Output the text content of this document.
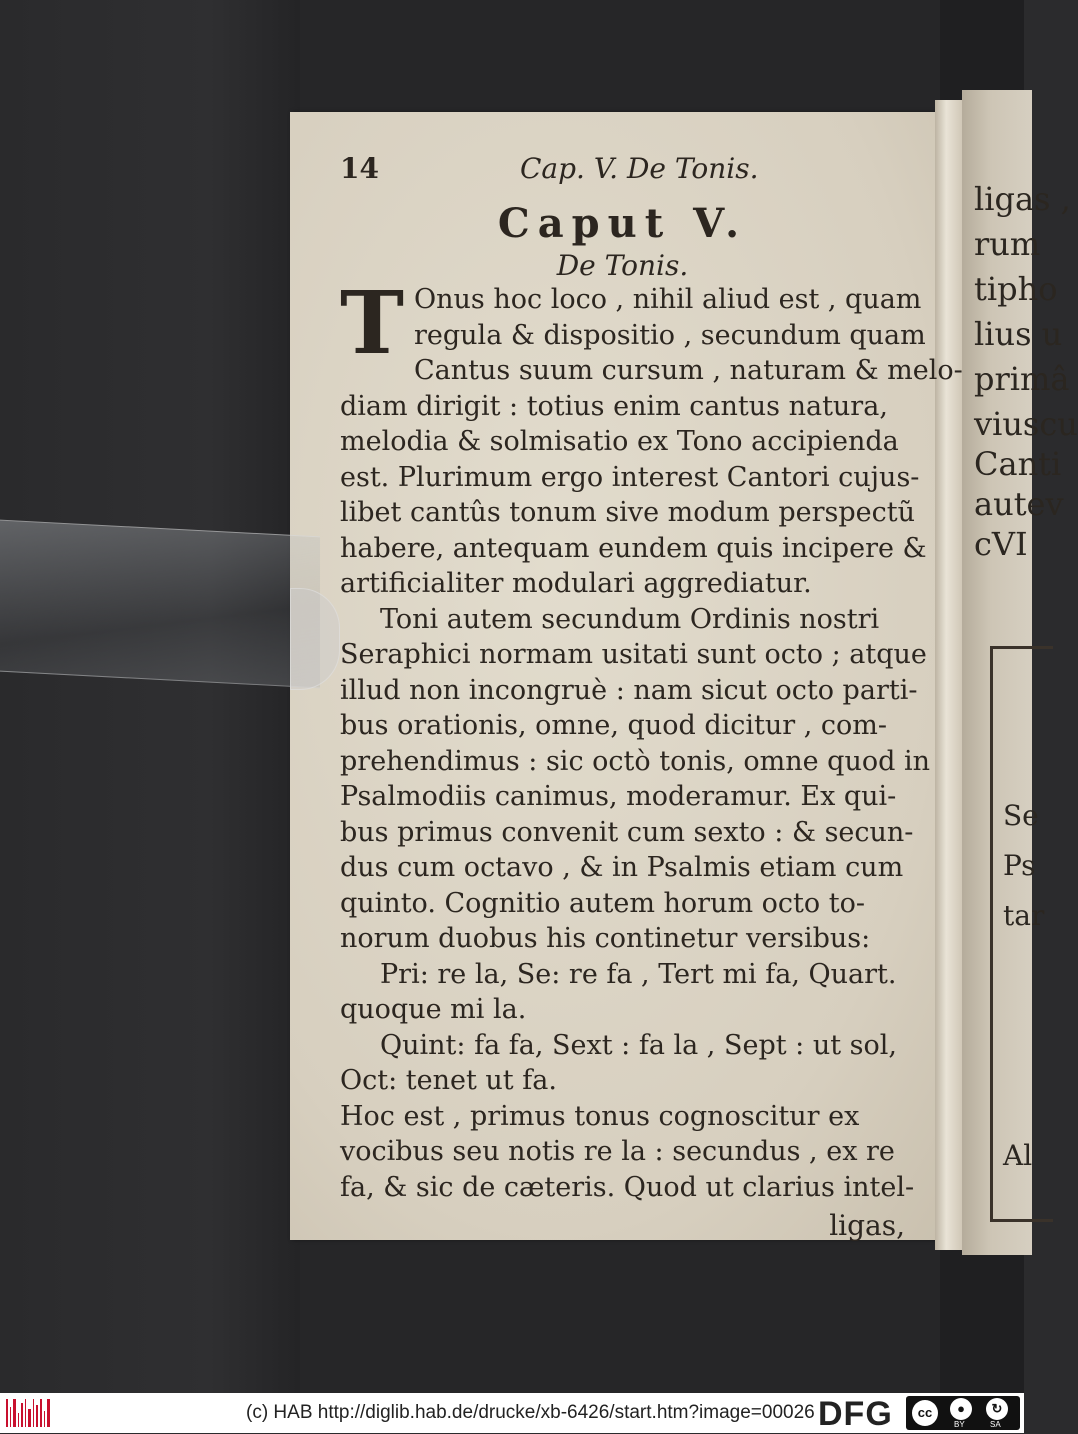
ligas ,
rum
tipho
lius u
primâ
viuscu
Canti
autev
cVI
Se
Ps
tar
Al
14	Cap. V. De Tonis.
Caput V.
De Tonis.
T Onus hoc loco , nihil aliud est , quam
regula & dispositio , secundum quam
Cantus suum cursum , naturam & melo-
diam dirigit : totius enim cantus natura,
melodia & solmisatio ex Tono accipienda
est. Plurimum ergo interest Cantori cujus-
libet cantûs tonum sive modum perspectũ
habere, antequam eundem quis incipere &
artificialiter modulari aggrediatur.
Toni autem secundum Ordinis nostri
Seraphici normam usitati sunt octo ; atque
illud non incongruè : nam sicut octo parti-
bus orationis, omne, quod dicitur , com-
prehendimus : sic octò tonis, omne quod in
Psalmodiis canimus, moderamur. Ex qui-
bus primus convenit cum sexto : & secun-
dus cum octavo , & in Psalmis etiam cum
quinto. Cognitio autem horum octo to-
norum duobus his continetur versibus:
Pri: re la, Se: re fa , Tert mi fa, Quart.
quoque mi la.
Quint: fa fa, Sext : fa la , Sept : ut sol,
Oct: tenet ut fa.
Hoc est , primus tonus cognoscitur ex
vocibus seu notis re la : secundus , ex re
fa, & sic de cæteris. Quod ut clarius intel-
ligas,
(c) HAB http://diglib.hab.de/drucke/xb-6426/start.htm?image=00026 DFG	cc	●	↻
BY	SA
